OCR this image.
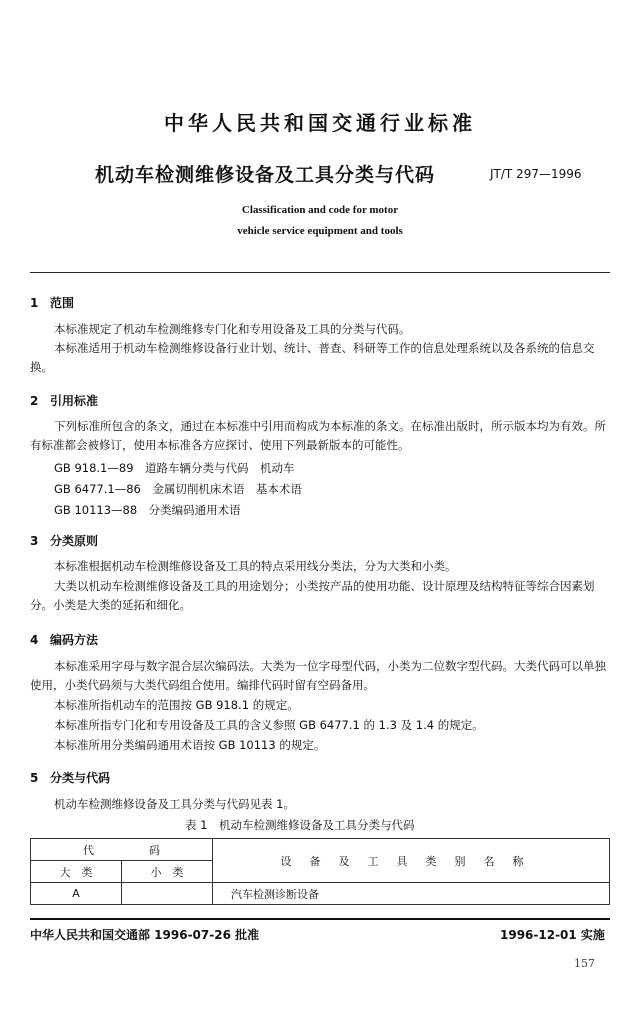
中华人民共和国交通行业标准
机动车检测维修设备及工具分类与代码	JT/T 297—1996
Classification and code for motor
vehicle service equipment and tools
1 范围
本标准规定了机动车检测维修专门化和专用设备及工具的分类与代码。
本标准适用于机动车检测维修设备行业计划、统计、普查、科研等工作的信息处理系统以及各系统的信息交换。
2 引用标准
下列标准所包含的条文，通过在本标准中引用而构成为本标准的条文。在标准出版时，所示版本均为有效。所有标准都会被修订，使用本标准各方应探讨、使用下列最新版本的可能性。
GB 918.1—89　道路车辆分类与代码　机动车
GB 6477.1—86　金属切削机床术语　基本术语
GB 10113—88　分类编码通用术语
3 分类原则
本标准根据机动车检测维修设备及工具的特点采用线分类法，分为大类和小类。
大类以机动车检测维修设备及工具的用途划分；小类按产品的使用功能、设计原理及结构特征等综合因素划分。小类是大类的延拓和细化。
4 编码方法
本标准采用字母与数字混合层次编码法。大类为一位字母型代码，小类为二位数字型代码。大类代码可以单独使用，小类代码须与大类代码组合使用。编排代码时留有空码备用。
本标准所指机动车的范围按 GB 918.1 的规定。
本标准所指专门化和专用设备及工具的含义参照 GB 6477.1 的 1.3 及 1.4 的规定。
本标准所用分类编码通用术语按 GB 10113 的规定。
5 分类与代码
机动车检测维修设备及工具分类与代码见表 1。
表 1　机动车检测维修设备及工具分类与代码
代　　　　　码		设备及工具类别名称
大　类	小　类	
A		汽车检测诊断设备
中华人民共和国交通部 1996-07-26 批准	1996-12-01 实施
157
